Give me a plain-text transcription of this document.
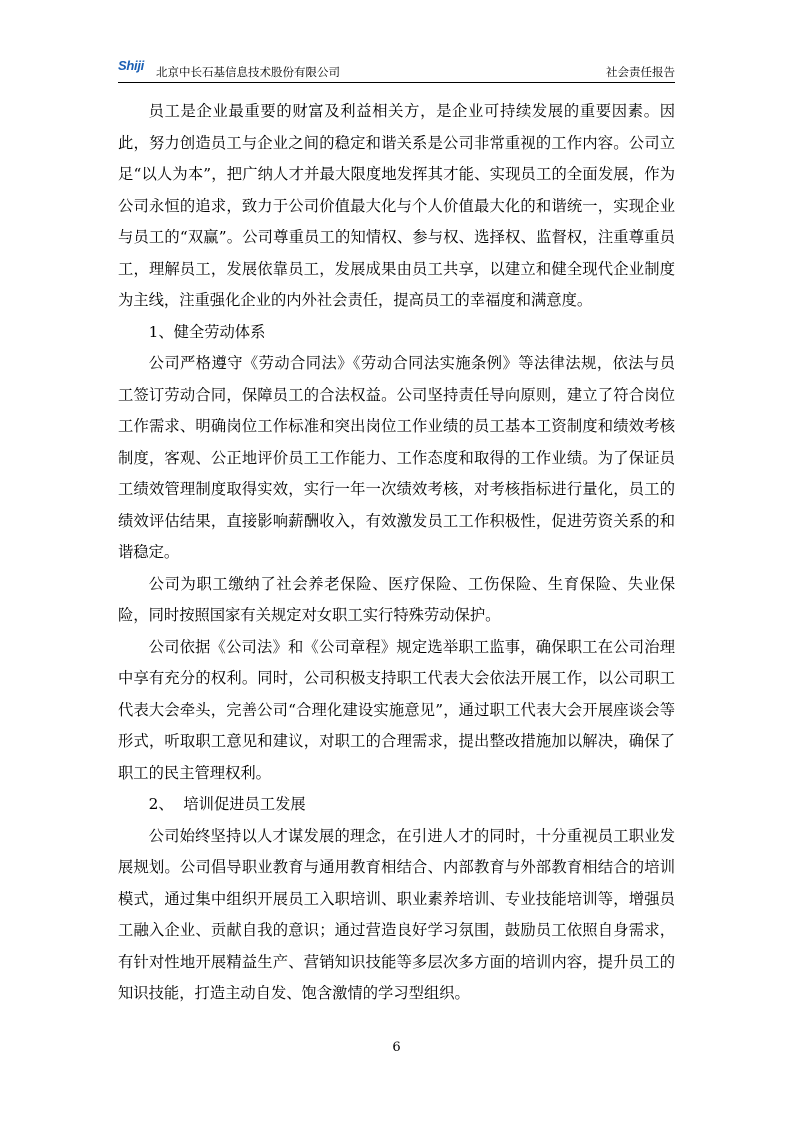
Shiji 北京中长石基信息技术股份有限公司	社会责任报告

员工是企业最重要的财富及利益相关方，是企业可持续发展的重要因素。因此，努力创造员工与企业之间的稳定和谐关系是公司非常重视的工作内容。公司立足“以人为本”，把广纳人才并最大限度地发挥其才能、实现员工的全面发展，作为公司永恒的追求，致力于公司价值最大化与个人价值最大化的和谐统一，实现企业与员工的“双赢”。公司尊重员工的知情权、参与权、选择权、监督权，注重尊重员工，理解员工，发展依靠员工，发展成果由员工共享，以建立和健全现代企业制度为主线，注重强化企业的内外社会责任，提高员工的幸福度和满意度。

1、健全劳动体系

公司严格遵守《劳动合同法》《劳动合同法实施条例》等法律法规，依法与员工签订劳动合同，保障员工的合法权益。公司坚持责任导向原则，建立了符合岗位工作需求、明确岗位工作标准和突出岗位工作业绩的员工基本工资制度和绩效考核制度，客观、公正地评价员工工作能力、工作态度和取得的工作业绩。为了保证员工绩效管理制度取得实效，实行一年一次绩效考核，对考核指标进行量化，员工的绩效评估结果，直接影响薪酬收入，有效激发员工工作积极性，促进劳资关系的和谐稳定。

公司为职工缴纳了社会养老保险、医疗保险、工伤保险、生育保险、失业保险，同时按照国家有关规定对女职工实行特殊劳动保护。

公司依据《公司法》和《公司章程》规定选举职工监事，确保职工在公司治理中享有充分的权利。同时，公司积极支持职工代表大会依法开展工作，以公司职工代表大会牵头，完善公司“合理化建设实施意见”，通过职工代表大会开展座谈会等形式，听取职工意见和建议，对职工的合理需求，提出整改措施加以解决，确保了职工的民主管理权利。

2、  培训促进员工发展

公司始终坚持以人才谋发展的理念，在引进人才的同时，十分重视员工职业发展规划。公司倡导职业教育与通用教育相结合、内部教育与外部教育相结合的培训模式，通过集中组织开展员工入职培训、职业素养培训、专业技能培训等，增强员工融入企业、贡献自我的意识；通过营造良好学习氛围，鼓励员工依照自身需求，有针对性地开展精益生产、营销知识技能等多层次多方面的培训内容，提升员工的知识技能，打造主动自发、饱含激情的学习型组织。

6
